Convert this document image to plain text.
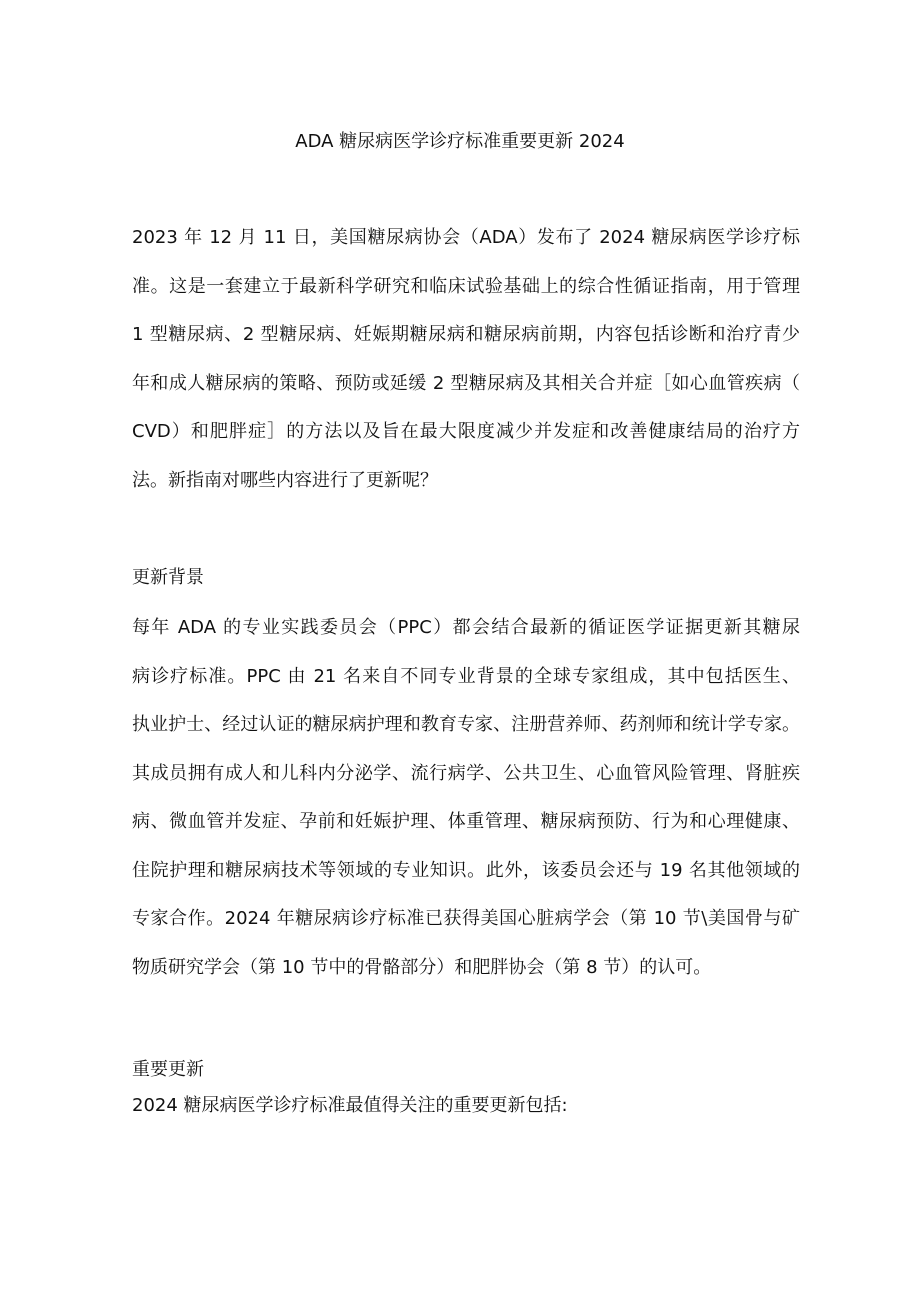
ADA 糖尿病医学诊疗标准重要更新 2024
2023 年 12 月 11 日，美国糖尿病协会（ADA）发布了 2024 糖尿病医学诊疗标
准。这是一套建立于最新科学研究和临床试验基础上的综合性循证指南，用于管理
1 型糖尿病、2 型糖尿病、妊娠期糖尿病和糖尿病前期，内容包括诊断和治疗青少
年和成人糖尿病的策略、预防或延缓 2 型糖尿病及其相关合并症［如心血管疾病（
CVD）和肥胖症］的方法以及旨在最大限度减少并发症和改善健康结局的治疗方
法。新指南对哪些内容进行了更新呢？
更新背景
每年 ADA 的专业实践委员会（PPC）都会结合最新的循证医学证据更新其糖尿
病诊疗标准。PPC 由 21 名来自不同专业背景的全球专家组成，其中包括医生、
执业护士、经过认证的糖尿病护理和教育专家、注册营养师、药剂师和统计学专家。
其成员拥有成人和儿科内分泌学、流行病学、公共卫生、心血管风险管理、肾脏疾
病、微血管并发症、孕前和妊娠护理、体重管理、糖尿病预防、行为和心理健康、
住院护理和糖尿病技术等领域的专业知识。此外，该委员会还与 19 名其他领域的
专家合作。2024 年糖尿病诊疗标准已获得美国心脏病学会（第 10 节\美国骨与矿
物质研究学会（第 10 节中的骨骼部分）和肥胖协会（第 8 节）的认可。
重要更新

2024 糖尿病医学诊疗标准最值得关注的重要更新包括:
